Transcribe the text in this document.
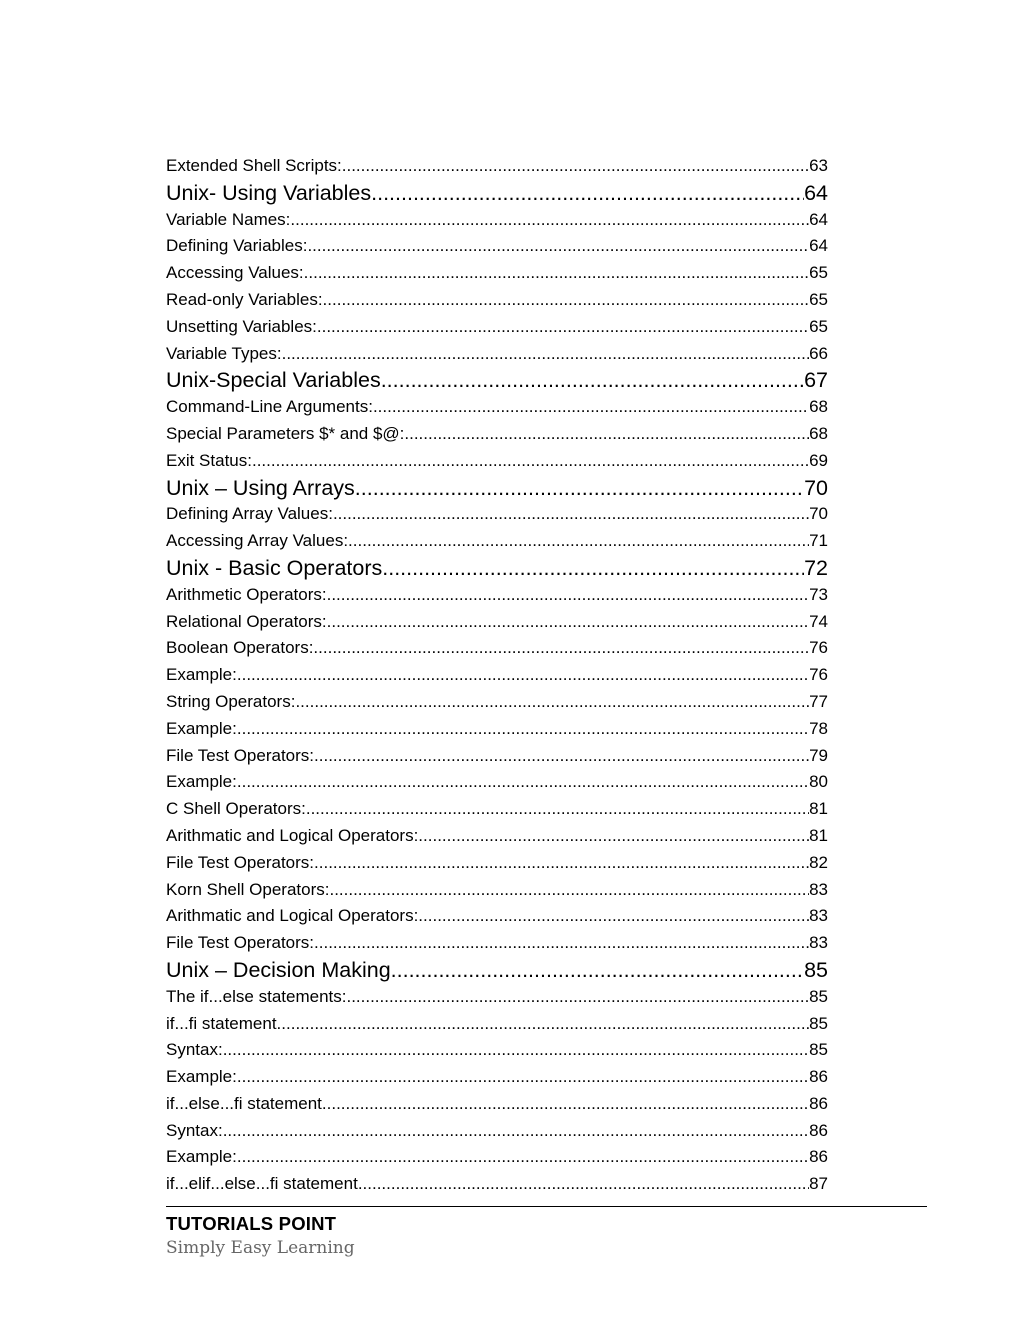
Extended Shell Scripts: .....	63
Unix- Using Variables .....	64
Variable Names: .....	64
Defining Variables: .....	64
Accessing Values: .....	65
Read-only Variables: .....	65
Unsetting Variables: .....	65
Variable Types: .....	66
Unix-Special Variables .....	67
Command-Line Arguments: .....	68
Special Parameters $* and $@: .....	68
Exit Status: .....	69
Unix – Using Arrays .....	70
Defining Array Values: .....	70
Accessing Array Values: .....	71
Unix - Basic Operators .....	72
Arithmetic Operators: .....	73
Relational Operators: .....	74
Boolean Operators: .....	76
Example: .....	76
String Operators: .....	77
Example: .....	78
File Test Operators: .....	79
Example: .....	80
C Shell Operators: .....	81
Arithmatic and Logical Operators: .....	81
File Test Operators: .....	82
Korn Shell Operators: .....	83
Arithmatic and Logical Operators: .....	83
File Test Operators: .....	83
Unix – Decision Making .....	85
The if...else statements: .....	85
if...fi statement .....	85
Syntax: .....	85
Example: .....	86
if...else...fi statement .....	86
Syntax: .....	86
Example: .....	86
if...elif...else...fi statement .....	87
TUTORIALS POINT
Simply Easy Learning
